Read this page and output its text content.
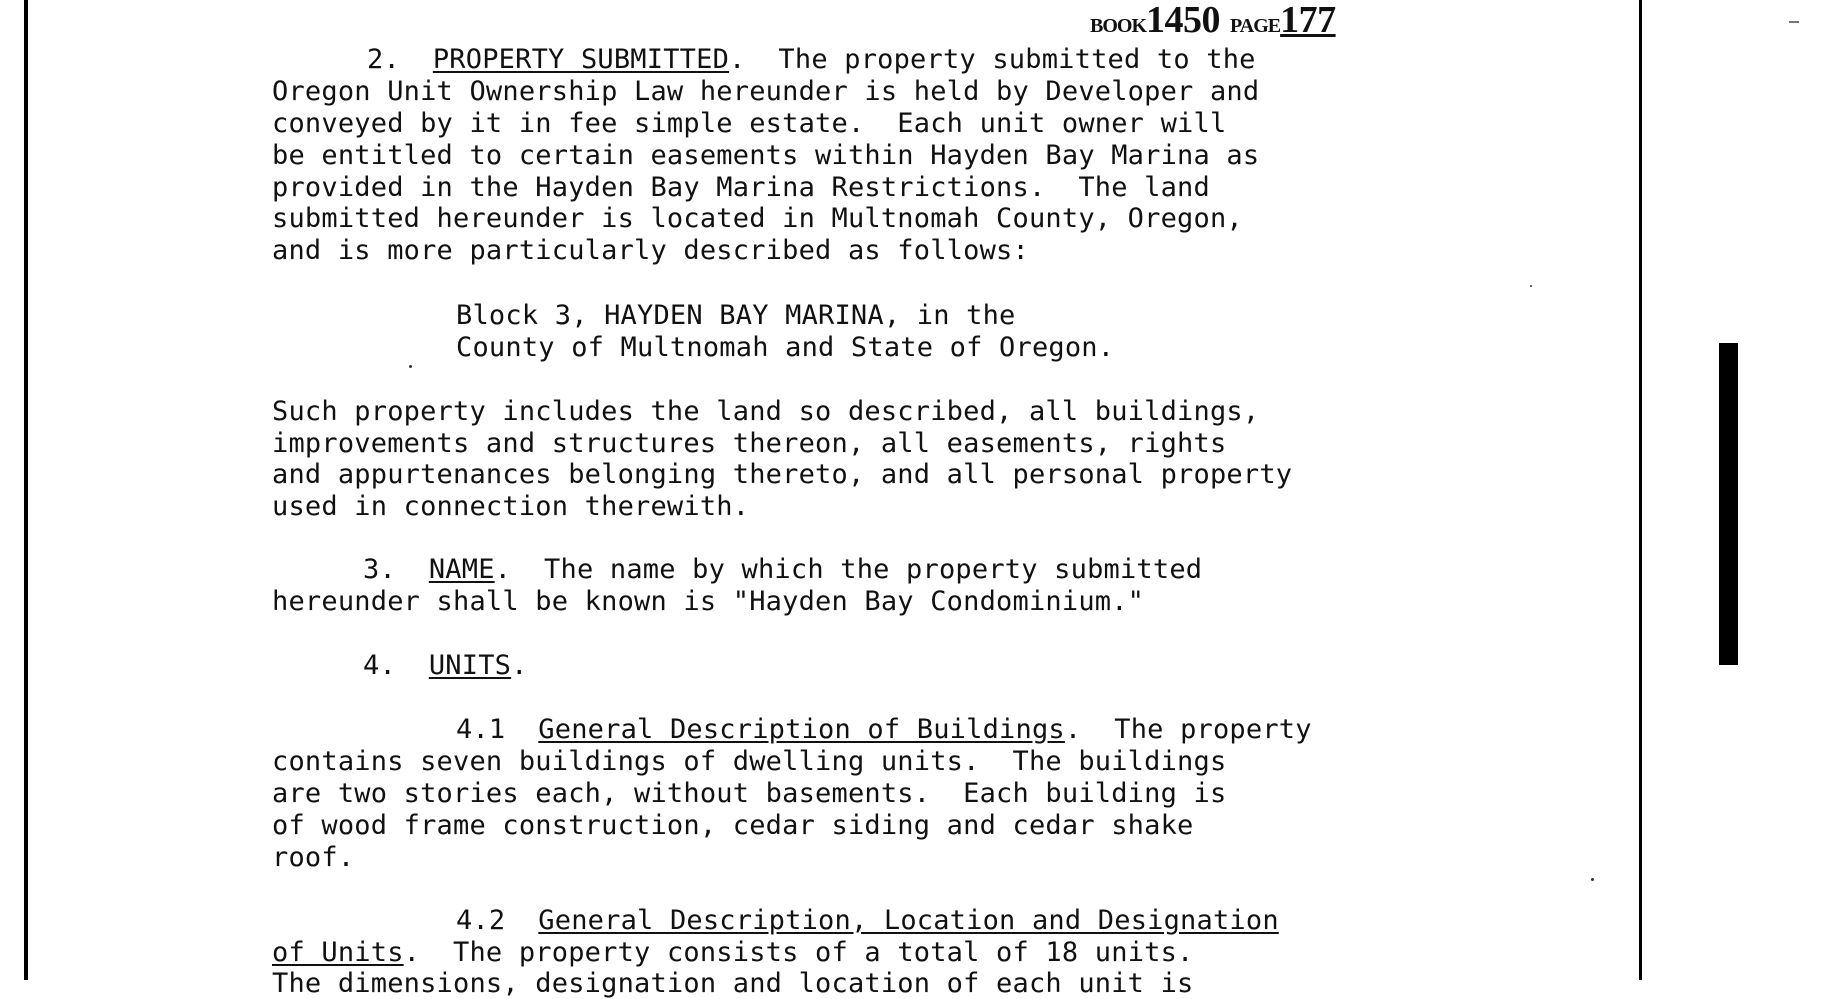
BOOK1450 PAGE177
2. PROPERTY SUBMITTED.  The property submitted to the
Oregon Unit Ownership Law hereunder is held by Developer and
conveyed by it in fee simple estate.  Each unit owner will
be entitled to certain easements within Hayden Bay Marina as
provided in the Hayden Bay Marina Restrictions.  The land
submitted hereunder is located in Multnomah County, Oregon,
and is more particularly described as follows:
Block 3, HAYDEN BAY MARINA, in the
County of Multnomah and State of Oregon.
Such property includes the land so described, all buildings,
improvements and structures thereon, all easements, rights
and appurtenances belonging thereto, and all personal property
used in connection therewith.
3. NAME.  The name by which the property submitted
hereunder shall be known is "Hayden Bay Condominium."
4. UNITS.
4.1 General Description of Buildings.  The property
contains seven buildings of dwelling units.  The buildings
are two stories each, without basements.  Each building is
of wood frame construction, cedar siding and cedar shake
roof.
4.2 General Description, Location and Designation
of Units.  The property consists of a total of 18 units.
The dimensions, designation and location of each unit is
